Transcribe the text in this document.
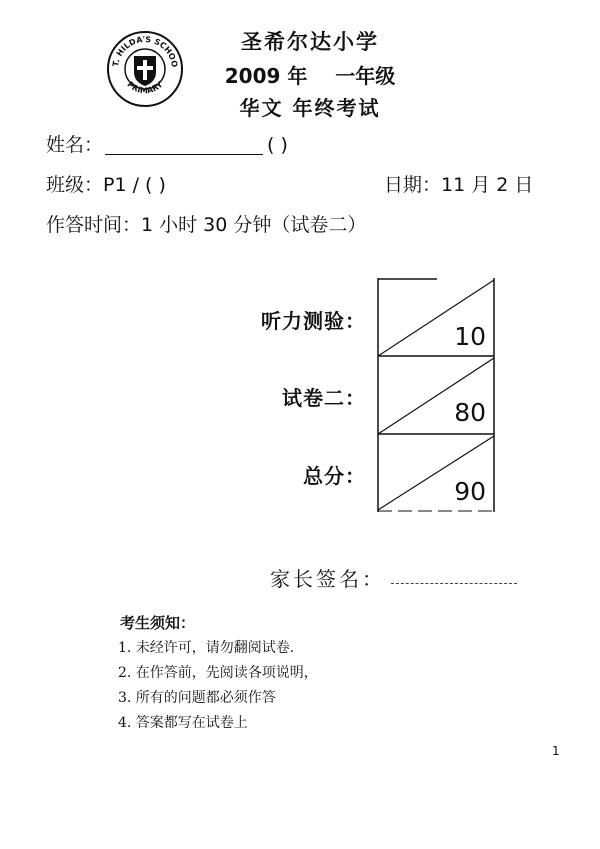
T. HILDA'S SCHOO
PRIMARY
圣希尔达小学
2009 年 一年级
华文 年终考试
姓名：	( )
班级：P1 / ( )	日期：11 月 2 日
作答时间：1 小时 30 分钟（试卷二）
听力测验：
试卷二：
总分：
10
80
90
家长签名：
考生须知：
1. 未经许可，请勿翻阅试卷.
2. 在作答前，先阅读各项说明，
3. 所有的问题都必须作答
4. 答案都写在试卷上
1
